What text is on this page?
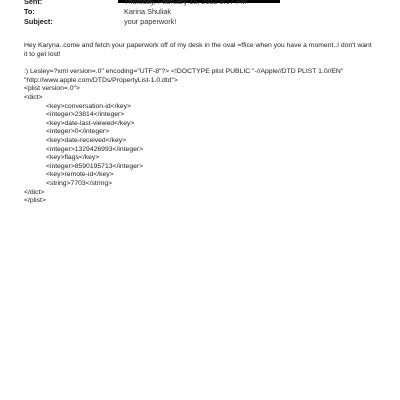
Sent:	Thursday, February 16, 2012 9:17 PM
To:	Karina Shuliak
Subject:	your paperwork!

Hey Karyna..come and fetch your paperwork off of my desk in the oval =ffice when you have a moment..I don't want it to get lost!

:) Lesley=?xml version=.0" encoding="UTF-8"?> <!DOCTYPE plist PUBLIC "-//Apple//DTD PLIST 1.0//EN" "http://www.apple.com/DTDs/PropertyList-1.0.dtd">

<plist version=.0">

<dict>

<key>conversation-id</key>

<integer>23814</integer>

<key>date-last-viewed</key>

<integer>0</integer>

<key>date-received</key>

<integer>1329426993</integer>

<key>flags</key>

<integer>8590195713</integer>

<key>remote-id</key>

<string>7703</string>

</dict>

</plist>
